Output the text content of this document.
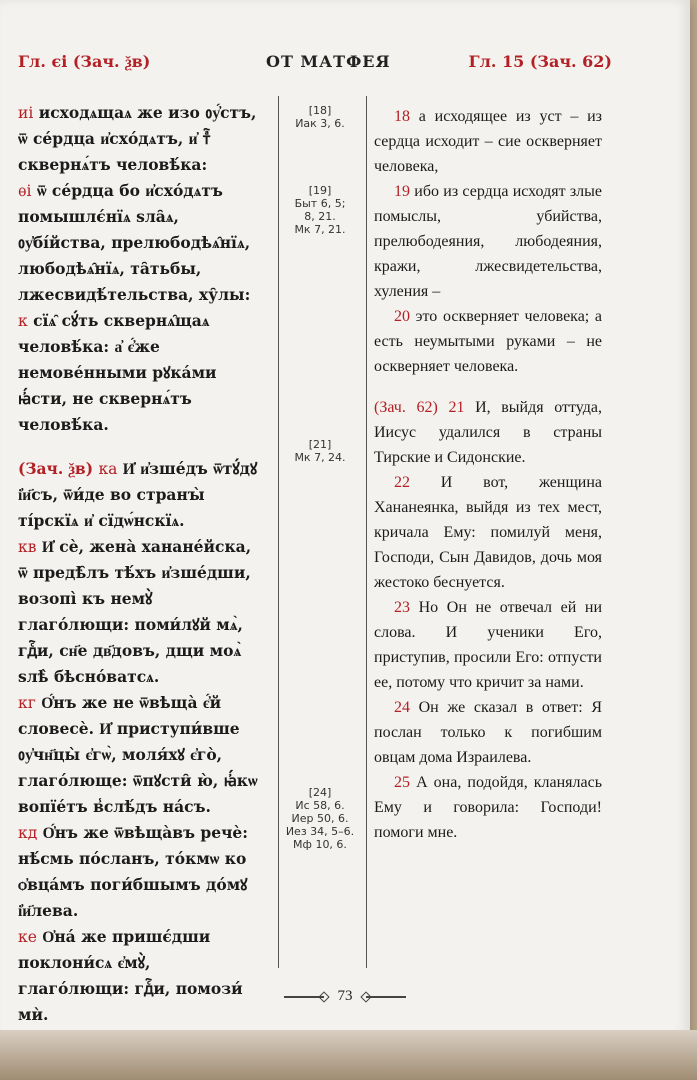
Гл. єі (Зач. ѯв)	ОТ МАТФЕЯ	Гл. 15 (Зач. 62)

иі исходѧщаѧ же изо ᲂу҆́стъ, ѿ се́рдца и҆схо́дѧтъ, и҆ тⷶ҇ сквернѧ́тъ человѣ́ка:

ѳі ѿ се́рдца бо и҆схо́дѧтъ помышлє́нїѧ ѕла̑ѧ, ᲂу҆бі́йства, прелюбодѣѧ̑нїѧ, любодѣѧ̑нїѧ, та̑тьбы, лжесвидѣ́тельства, ху̑лы:

к сїѧ̑ сꙋ́ть сквернѧ̑щаѧ человѣ́ка: а҆ є҆́же немове́нными рꙋка́ми ꙗ҆́сти, не сквернѧ́тъ человѣ́ка.

(Зач. ѯв) ка И҆ и҆зше́дъ ѿтꙋ́дꙋ і҆и҃съ, ѿи́де во странꙑ̀ ті́рскїѧ и҆ сїдѡ́нскїѧ.

кв И҆ сѐ, жена̀ ханане́йска, ѿ предѣ̑лъ тѣ́хъ и҆зше́дши, возопі̀ къ немꙋ̀ глаго́лющи: поми́лꙋй мѧ̀, гдⷭ҇и, сн҃е дв҃довъ, дщи моѧ̀ ѕлѣ̀ бѣсно́ватсѧ.

кг О҆́нъ же не ѿвѣща̀ є҆́й словесѐ. И҆ приступи́вше ᲂу҆чн҃цы̀ є҆гѡ̀, моля́хꙋ є҆го̀, глаго́люще: ѿпꙋсти̑ ю̀, ꙗ҆́кѡ вопїе́тъ в̾слѣ́дъ на́съ.

кд О҆́нъ же ѿвѣща̀въ речѐ: нѣ́смь по́сланъ, то́кмѡ ко ѻ҆вца́мъ поги́бшымъ до́мꙋ і҆и҃левa.

ке О҆на́ же пришє́дши поклони́сѧ є҆мꙋ̀, глаго́лющи: гдⷭ҇и, помози́ мѝ.

[18]
Иак 3, 6.
[19]
Быт 6, 5;
8, 21.
Мк 7, 21.
[21]
Мк 7, 24.
[24]
Ис 58, 6.
Иер 50, 6.
Иез 34, 5–6.
Мф 10, 6.

18 а исходящее из уст – из сердца исходит – сие оскверняет человека,

19 ибо из сердца исходят злые помыслы, убийства, прелюбодеяния, любодеяния, кражи, лжесвидетельства, хуления –

20 это оскверняет человека; а есть неумытыми руками – не оскверняет человека.

(Зач. 62) 21 И, выйдя оттуда, Иисус удалился в страны Тирские и Сидонские.

22 И вот, женщина Хананеянка, выйдя из тех мест, кричала Ему: помилуй меня, Господи, Сын Давидов, дочь моя жестоко беснуется.

23 Но Он не отвечал ей ни слова. И ученики Его, приступив, просили Его: отпусти ее, потому что кричит за нами.

24 Он же сказал в ответ: Я послан только к погибшим овцам дома Израилева.

25 А она, подойдя, кланялась Ему и говорила: Господи! помоги мне.

73
